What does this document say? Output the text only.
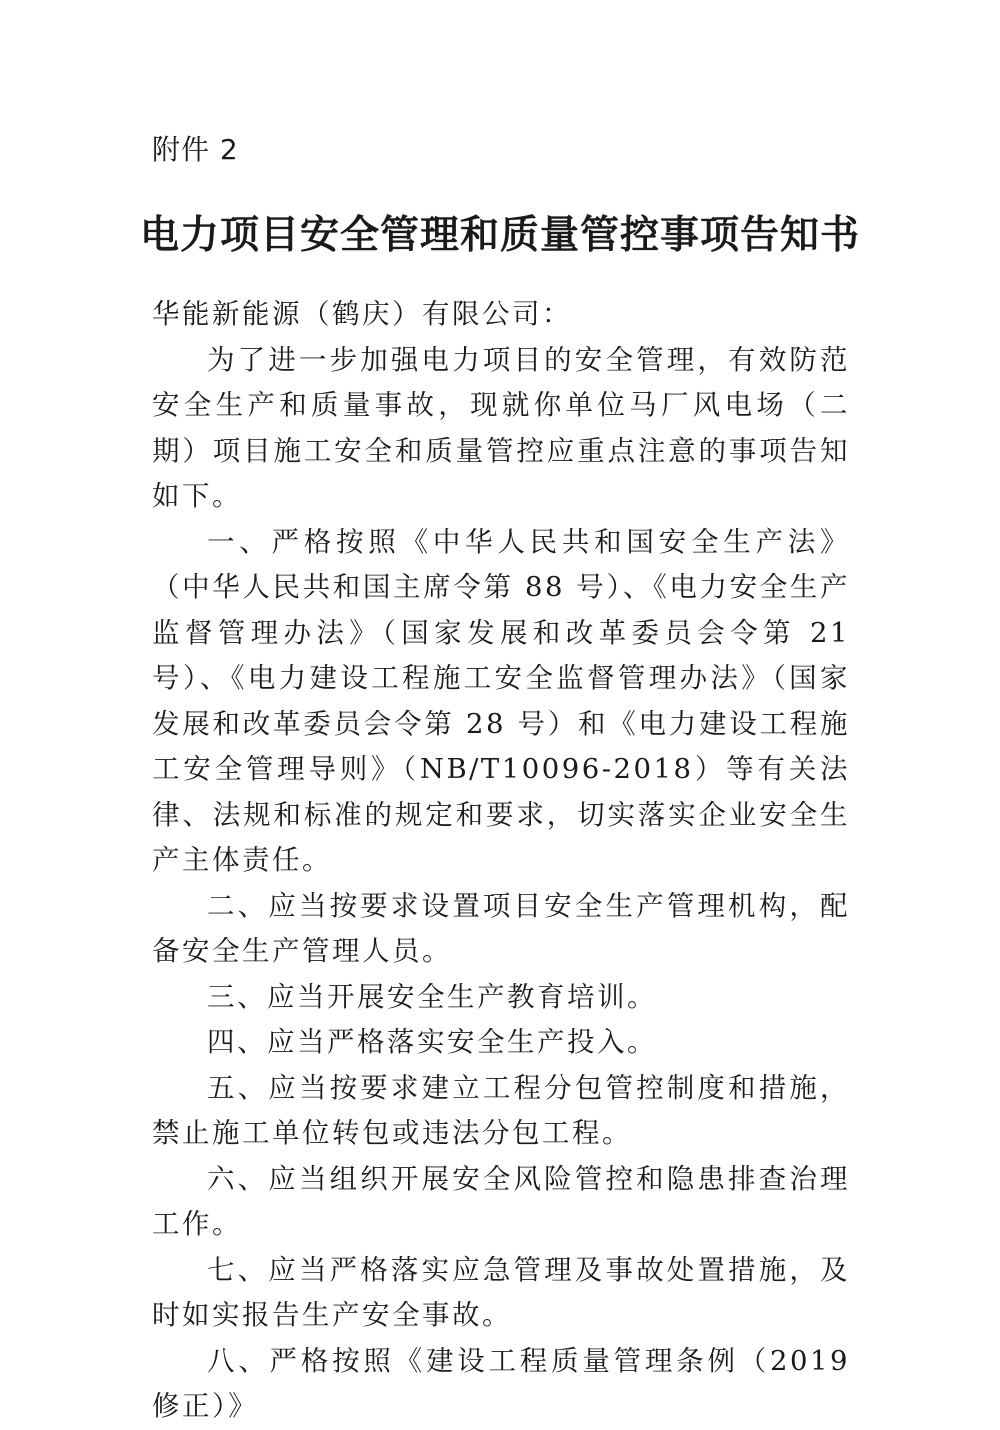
附件 2
电力项目安全管理和质量管控事项告知书

华能新能源（鹤庆）有限公司：

为了进一步加强电力项目的安全管理，有效防范安全生产和质量事故，现就你单位马厂风电场（二期）项目施工安全和质量管控应重点注意的事项告知如下。

一、严格按照《中华人民共和国安全生产法》（中华人民共和国主席令第 88 号）、《电力安全生产监督管理办法》（国家发展和改革委员会令第 21 号）、《电力建设工程施工安全监督管理办法》（国家发展和改革委员会令第 28 号）和《电力建设工程施工安全管理导则》（NB/T10096-2018）等有关法律、法规和标准的规定和要求，切实落实企业安全生产主体责任。

二、应当按要求设置项目安全生产管理机构，配备安全生产管理人员。

三、应当开展安全生产教育培训。

四、应当严格落实安全生产投入。

五、应当按要求建立工程分包管控制度和措施，禁止施工单位转包或违法分包工程。

六、应当组织开展安全风险管控和隐患排查治理工作。

七、应当严格落实应急管理及事故处置措施，及时如实报告生产安全事故。

八、严格按照《建设工程质量管理条例（2019 修正）》
